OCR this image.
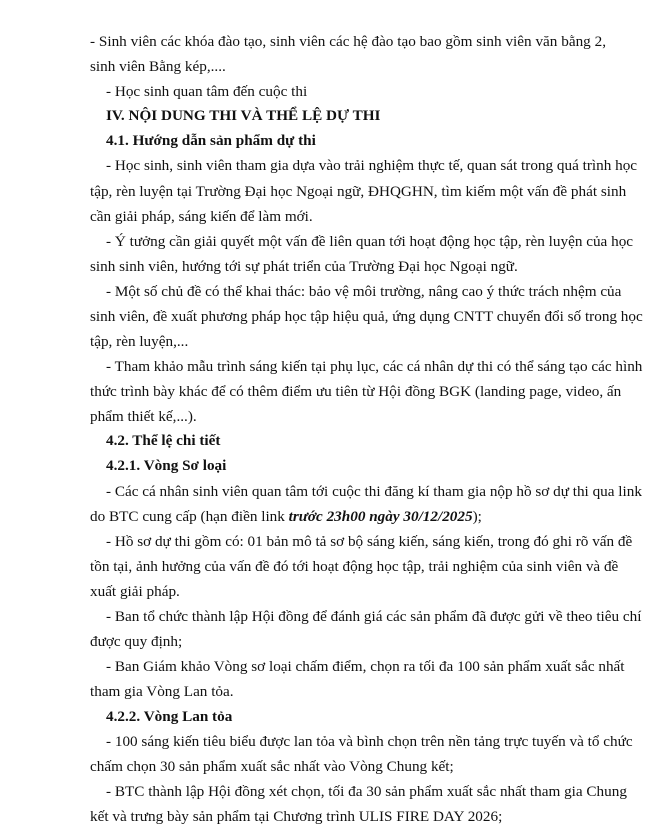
- Sinh viên các khóa đào tạo, sinh viên các hệ đào tạo bao gồm sinh viên văn bằng 2,
sinh viên Bằng kép,....
- Học sinh quan tâm đến cuộc thi
IV. NỘI DUNG THI VÀ THỂ LỆ DỰ THI
4.1. Hướng dẫn sản phẩm dự thi
- Học sinh, sinh viên tham gia dựa vào trải nghiệm thực tế, quan sát trong quá trình học
tập, rèn luyện tại Trường Đại học Ngoại ngữ, ĐHQGHN, tìm kiếm một vấn đề phát sinh
cần giải pháp, sáng kiến để làm mới.
- Ý tưởng cần giải quyết một vấn đề liên quan tới hoạt động học tập, rèn luyện của học
sinh sinh viên, hướng tới sự phát triển của Trường Đại học Ngoại ngữ.
- Một số chủ đề có thể khai thác: bảo vệ môi trường, nâng cao ý thức trách nhệm của
sinh viên, đề xuất phương pháp học tập hiệu quả, ứng dụng CNTT chuyển đổi số trong học
tập, rèn luyện,...
- Tham khảo mẫu trình sáng kiến tại phụ lục, các cá nhân dự thi có thể sáng tạo các hình
thức trình bày khác để có thêm điểm ưu tiên từ Hội đồng BGK (landing page, video, ấn
phẩm thiết kế,...).
4.2. Thể lệ chi tiết
4.2.1. Vòng Sơ loại
- Các cá nhân sinh viên quan tâm tới cuộc thi đăng kí tham gia nộp hồ sơ dự thi qua link
do BTC cung cấp (hạn điền link trước 23h00 ngày 30/12/2025);
- Hồ sơ dự thi gồm có: 01 bản mô tả sơ bộ sáng kiến, sáng kiến, trong đó ghi rõ vấn đề
tồn tại, ảnh hưởng của vấn đề đó tới hoạt động học tập, trải nghiệm của sinh viên và đề
xuất giải pháp.
- Ban tổ chức thành lập Hội đồng để đánh giá các sản phẩm đã được gửi về theo tiêu chí
được quy định;
- Ban Giám khảo Vòng sơ loại chấm điểm, chọn ra tối đa 100 sản phẩm xuất sắc nhất
tham gia Vòng Lan tỏa.
4.2.2. Vòng Lan tỏa
- 100 sáng kiến tiêu biểu được lan tỏa và bình chọn trên nền tảng trực tuyến và tổ chức
chấm chọn 30 sản phẩm xuất sắc nhất vào Vòng Chung kết;
- BTC thành lập Hội đồng xét chọn, tối đa 30 sản phẩm xuất sắc nhất tham gia Chung
kết và trưng bày sản phẩm tại Chương trình ULIS FIRE DAY 2026;
